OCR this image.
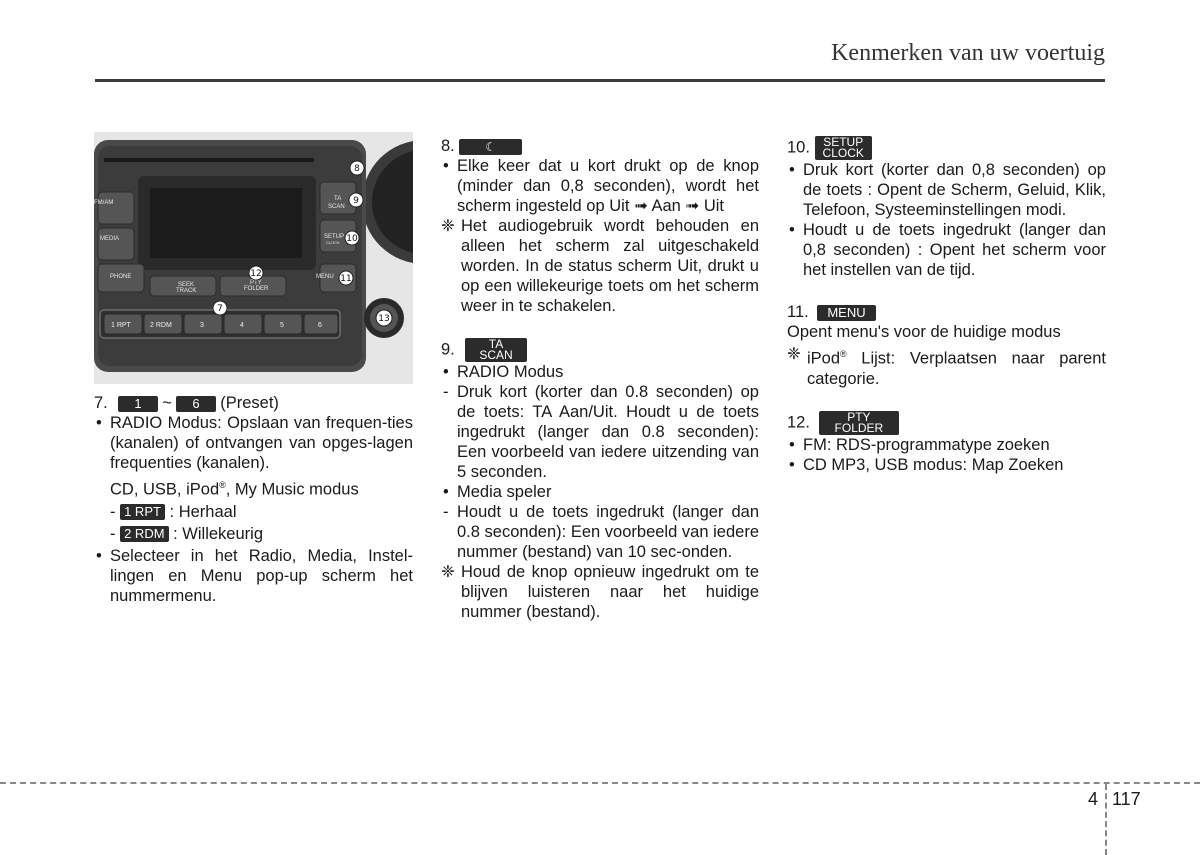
Kenmerken van uw voertuig
FM/AM
MEDIA
PHONE
SEEK
TRACK
PTY
FOLDER
MENU
TA
SCAN
SETUP
CLOCK
1 RPT	2 RDM	3	4	5	6
8
9
10
11
12
7
13

7. 1 ~ 6 (Preset)

• RADIO Modus: Opslaan van frequen-ties (kanalen) of ontvangen van opges-lagen frequenties (kanalen).

CD, USB, iPod®, My Music modus

- 1 RPT : Herhaal

- 2 RDM : Willekeurig

• Selecteer in het Radio, Media, Instel-lingen en Menu pop-up scherm het nummermenu.

8.	☾

• Elke keer dat u kort drukt op de knop (minder dan 0,8 seconden), wordt het scherm ingesteld op Uit ➟ Aan ➟ Uit

❈ Het audiogebruik wordt behouden en alleen het scherm zal uitgeschakeld worden. In de status scherm Uit, drukt u op een willekeurige toets om het scherm weer in te schakelen.

9.	TA
SCAN

• RADIO Modus

- Druk kort (korter dan 0.8 seconden) op de toets: TA Aan/Uit. Houdt u de toets ingedrukt (langer dan 0.8 seconden): Een voorbeeld van iedere uitzending van 5 seconden.

• Media speler

- Houdt u de toets ingedrukt (langer dan 0.8 seconden): Een voorbeeld van iedere nummer (bestand) van 10 sec-onden.

❈ Houd de knop opnieuw ingedrukt om te blijven luisteren naar het huidige nummer (bestand).

10. SETUP
CLOCK

• Druk kort (korter dan 0,8 seconden) op de toets : Opent de Scherm, Geluid, Klik, Telefoon, Systeeminstellingen modi.

• Houdt u de toets ingedrukt (langer dan 0,8 seconden) : Opent het scherm voor het instellen van de tijd.

11. MENU

Opent menu's voor de huidige modus

❈ iPod® Lijst: Verplaatsen naar parent categorie.

12.	PTY
FOLDER

• FM: RDS-programmatype zoeken

• CD MP3, USB modus: Map Zoeken

4 117
